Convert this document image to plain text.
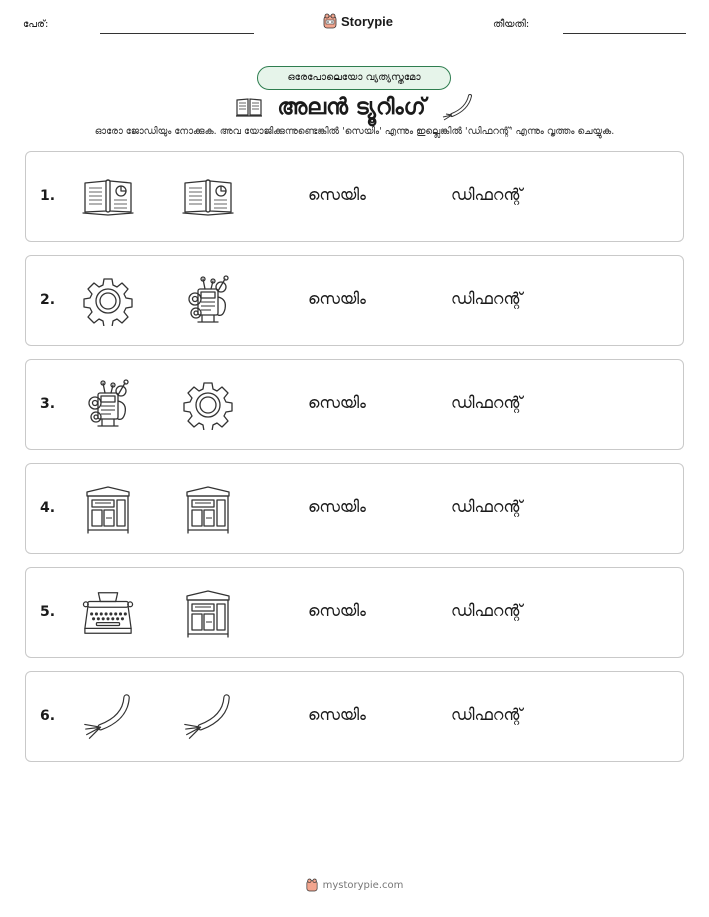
പേര്:	Storypie	തീയതി:
ഒരേപോലെയോ വ്യത്യസ്തമോ
അലൻ ട്യൂറിംഗ്
ഓരോ ജോഡിയും നോക്കുക. അവ യോജിക്കുന്നുണ്ടെങ്കിൽ 'സെയിം' എന്നും ഇല്ലെങ്കിൽ 'ഡിഫറന്റ്' എന്നും വൃത്തം ചെയ്യുക.
1.	സെയിം	ഡിഫറന്റ്
2.	സെയിം	ഡിഫറന്റ്
3.	സെയിം	ഡിഫറന്റ്
4.	സെയിം	ഡിഫറന്റ്
5.	സെയിം	ഡിഫറന്റ്
6.	സെയിം	ഡിഫറന്റ്
mystorypie.com
